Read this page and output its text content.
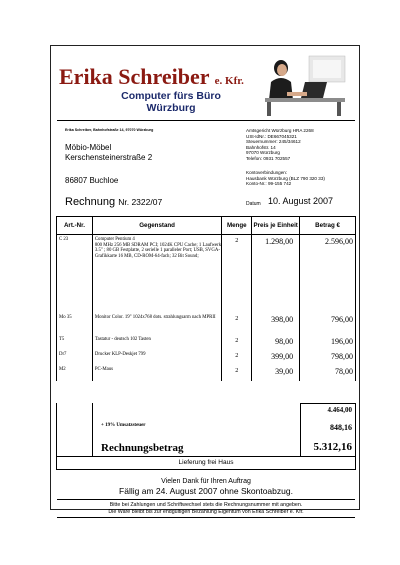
Erika Schreiber e. Kfr.
Computer fürs Büro
Würzburg
Erika Schreiber, Bahnhofstraße 14, 97070 Würzburg	Amtsgericht Würzburg HRA 2268
USt-IdNr.: DE667045321
Steuernummer: 245/34612
Bahnhofstr. 14
97070 Würzburg
Telefon: 0931 702557
Kontoverbindungen:
Hausbank Würzburg (BLZ 790 320 33)
Konto-Nr.: 99-155 742
Möbio-Möbel
Kerschensteinerstraße 2
86807 Buchloe
Rechnung Nr. 2322/07	Datum 10. August 2007
Art.-Nr.	Gegenstand	Menge	Preis je Einheit	Betrag €
C 23	Computer Pentium 4
800 MHz 256 MB SDRAM PCI; 1024K CPU Cache; 1 Laufwerk 3.5" ; 80 GB Festplatte, 2 serielle 1 paralleler Port; USB, SVGA-Grafikkarte 16 MB, CD-ROM-64-fach; 32 Bit Sound;	2	1.298,00	2.596,00
Mo 35	Monitor Color. 19" 1024x768 dots. strahlungsarm nach MPRII	2	398,00	796,00
T5	Tastatur - deutsch 102 Tasten	2	98,00	196,00
Dr7	Drucker KLP-Deskjet 799	2	399,00	798,00
M2	PC-Maus	2	39,00	78,00
4.464,00
+ 19% Umsatzsteuer	848,16
Rechnungsbetrag	5.312,16
Lieferung frei Haus
Vielen Dank für Ihren Auftrag
Fällig am 24. August 2007 ohne Skontoabzug.
Bitte bei Zahlungen und Schriftwechsel stets die Rechnungsnummer mit angeben.
Die Ware bleibt bis zur endgültigen Bezahlung Eigentum von Erika Schreiber e. Kfr.
